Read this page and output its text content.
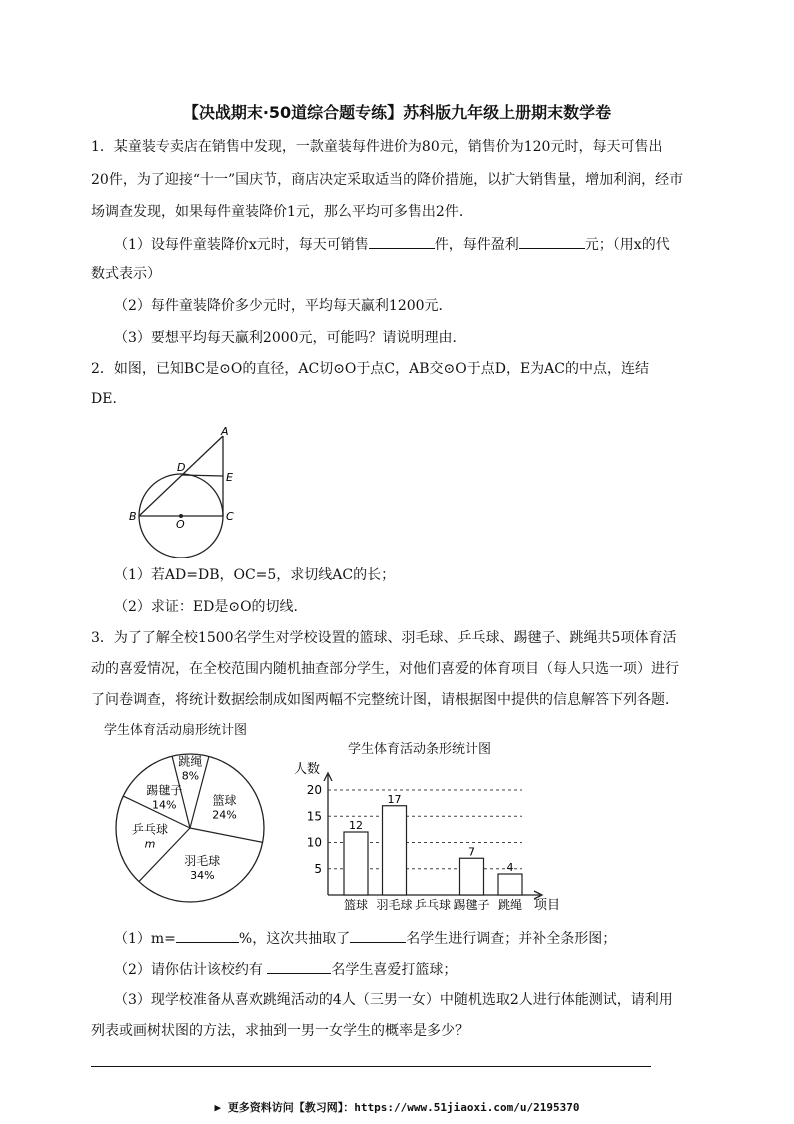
【决战期末·50道综合题专练】苏科版九年级上册期末数学卷
1．某童装专卖店在销售中发现，一款童装每件进价为80元，销售价为120元时，每天可售出
20件，为了迎接“十一”国庆节，商店决定采取适当的降价措施，以扩大销售量，增加利润，经市
场调查发现，如果每件童装降价1元，那么平均可多售出2件．
（1）设每件童装降价x元时，每天可销售	件，每件盈利	元；（用x的代
数式表示）
（2）每件童装降价多少元时，平均每天赢利1200元．
（3）要想平均每天赢利2000元，可能吗？请说明理由．
2．如图，已知BC是⊙O的直径，AC切⊙O于点C，AB交⊙O于点D，E为AC的中点，连结
DE．
A
D
E
B
O
C
（1）若AD=DB，OC=5，求切线AC的长；
（2）求证：ED是⊙O的切线．
3．为了了解全校1500名学生对学校设置的篮球、羽毛球、乒乓球、踢毽子、跳绳共5项体育活
动的喜爱情况，在全校范围内随机抽查部分学生，对他们喜爱的体育项目（每人只选一项）进行
了问卷调查，将统计数据绘制成如图两幅不完整统计图，请根据图中提供的信息解答下列各题．
学生体育活动扇形统计图
跳绳
8%
篮球
24%
羽毛球
34%
乒乓球
m
踢毽子
14%
学生体育活动条形统计图
人数
项目
5
10
15
20
12
篮球
17
羽毛球 乒乓球
7
踢毽子
4
跳绳
（1）m=	%，这次共抽取了	名学生进行调查；并补全条形图；
（2）请你估计该校约有	名学生喜爱打篮球；
（3）现学校准备从喜欢跳绳活动的4人（三男一女）中随机选取2人进行体能测试，请利用
列表或画树状图的方法，求抽到一男一女学生的概率是多少？
▶ 更多资料访问【教习网】：https://www.51jiaoxi.com/u/2195370
